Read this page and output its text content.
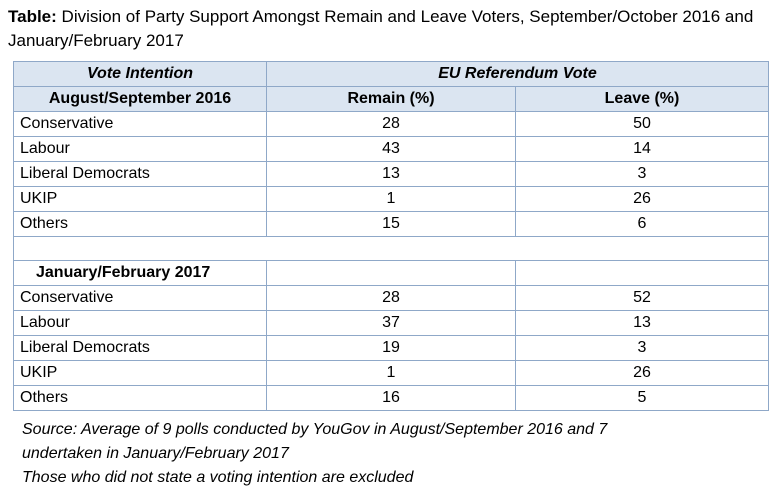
Table: Division of Party Support Amongst Remain and Leave Voters, September/October 2016 and January/February 2017
Vote Intention	EU Referendum Vote	
August/September 2016	Remain (%)	Leave (%)
Conservative	28	50
Labour	43	14
Liberal Democrats	13	3
UKIP	1	26
Others	15	6

January/February 2017		
Conservative	28	52
Labour	37	13
Liberal Democrats	19	3
UKIP	1	26
Others	16	5
Source: Average of 9 polls conducted by YouGov in August/September 2016 and 7
undertaken in January/February 2017
Those who did not state a voting intention are excluded
